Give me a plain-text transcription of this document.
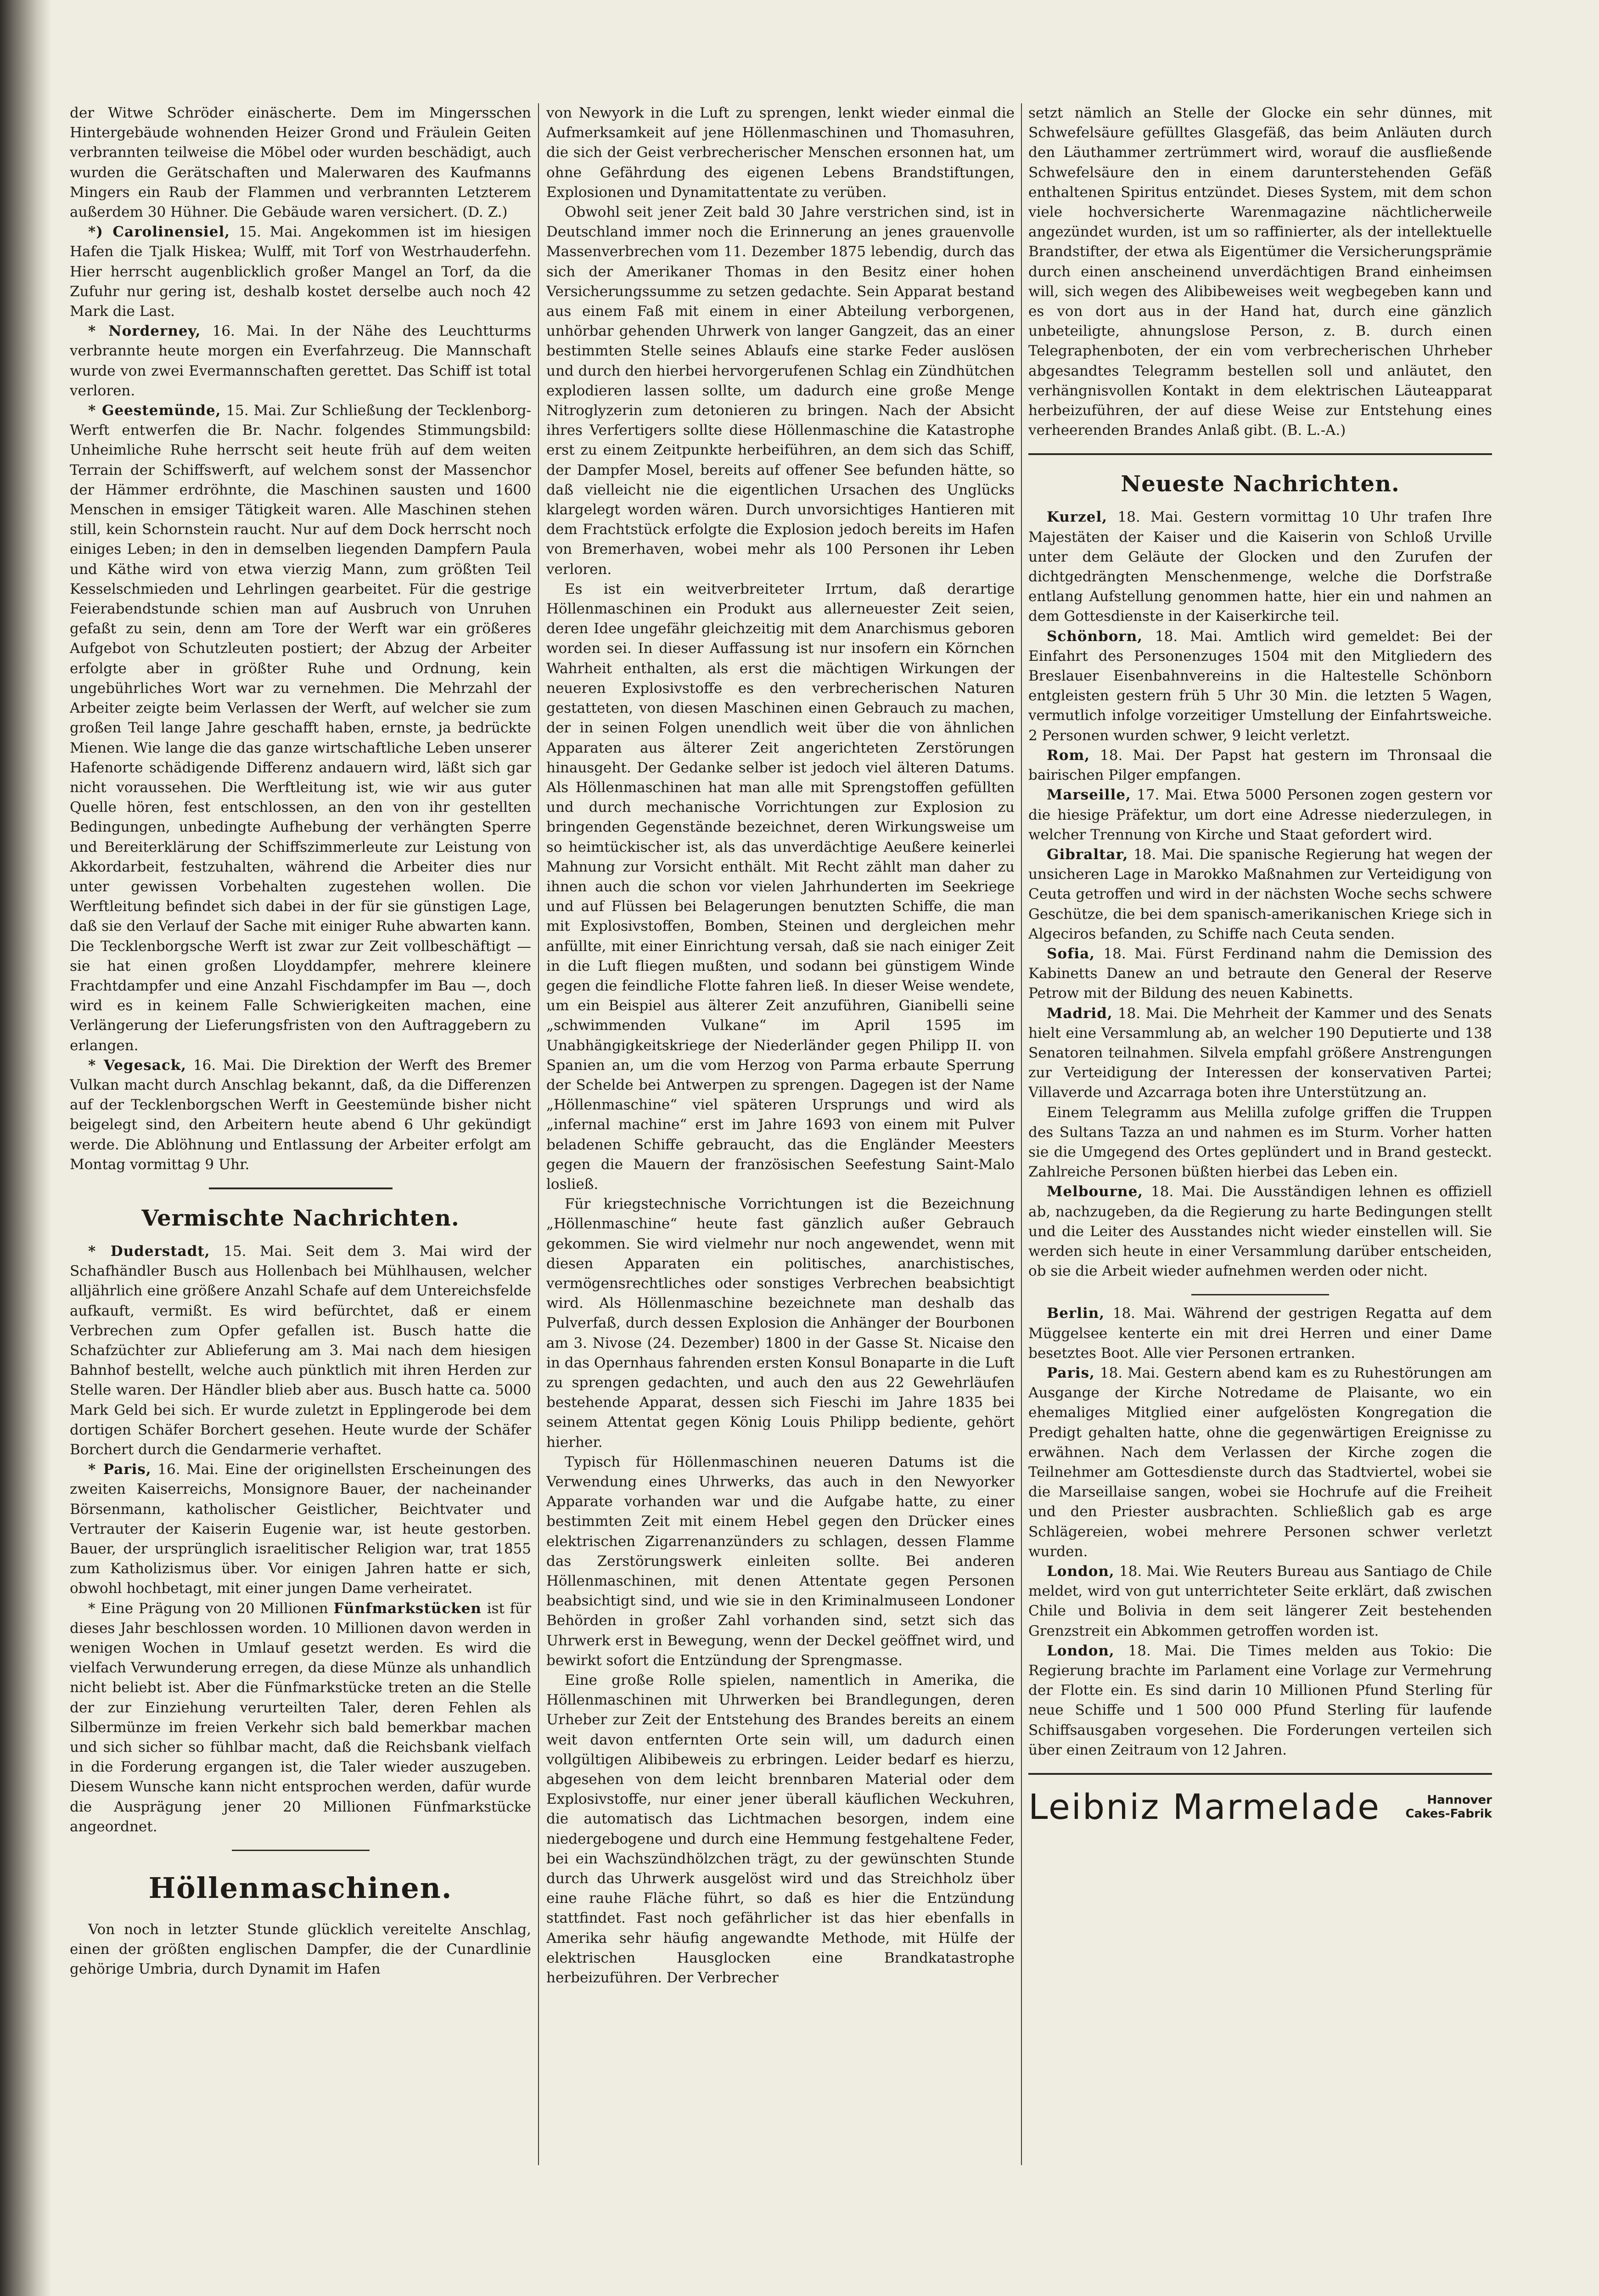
der Witwe Schröder einäscherte. Dem im Mingersschen Hintergebäude wohnenden Heizer Grond und Fräulein Geiten verbrannten teilweise die Möbel oder wurden beschädigt, auch wurden die Gerätschaften und Malerwaren des Kaufmanns Mingers ein Raub der Flammen und verbrannten Letzterem außerdem 30 Hühner. Die Gebäude waren versichert. (D. Z.)

*) Carolinensiel, 15. Mai. Angekommen ist im hiesigen Hafen die Tjalk Hiskea; Wulff, mit Torf von Westrhauderfehn. Hier herrscht augenblicklich großer Mangel an Torf, da die Zufuhr nur gering ist, deshalb kostet derselbe auch noch 42 Mark die Last.

* Norderney, 16. Mai. In der Nähe des Leuchtturms verbrannte heute morgen ein Everfahrzeug. Die Mannschaft wurde von zwei Evermannschaften gerettet. Das Schiff ist total verloren.

* Geestemünde, 15. Mai. Zur Schließung der Tecklenborg-Werft entwerfen die Br. Nachr. folgendes Stimmungsbild: Unheimliche Ruhe herrscht seit heute früh auf dem weiten Terrain der Schiffswerft, auf welchem sonst der Massenchor der Hämmer erdröhnte, die Maschinen sausten und 1600 Menschen in emsiger Tätigkeit waren. Alle Maschinen stehen still, kein Schornstein raucht. Nur auf dem Dock herrscht noch einiges Leben; in den in demselben liegenden Dampfern Paula und Käthe wird von etwa vierzig Mann, zum größten Teil Kesselschmieden und Lehrlingen gearbeitet. Für die gestrige Feierabendstunde schien man auf Ausbruch von Unruhen gefaßt zu sein, denn am Tore der Werft war ein größeres Aufgebot von Schutzleuten postiert; der Abzug der Arbeiter erfolgte aber in größter Ruhe und Ordnung, kein ungebührliches Wort war zu vernehmen. Die Mehrzahl der Arbeiter zeigte beim Verlassen der Werft, auf welcher sie zum großen Teil lange Jahre geschafft haben, ernste, ja bedrückte Mienen. Wie lange die das ganze wirtschaftliche Leben unserer Hafenorte schädigende Differenz andauern wird, läßt sich gar nicht voraussehen. Die Werftleitung ist, wie wir aus guter Quelle hören, fest entschlossen, an den von ihr gestellten Bedingungen, unbedingte Aufhebung der verhängten Sperre und Bereiterklärung der Schiffszimmerleute zur Leistung von Akkordarbeit, festzuhalten, während die Arbeiter dies nur unter gewissen Vorbehalten zugestehen wollen. Die Werftleitung befindet sich dabei in der für sie günstigen Lage, daß sie den Verlauf der Sache mit einiger Ruhe abwarten kann. Die Tecklenborgsche Werft ist zwar zur Zeit vollbeschäftigt — sie hat einen großen Lloyddampfer, mehrere kleinere Frachtdampfer und eine Anzahl Fischdampfer im Bau —, doch wird es in keinem Falle Schwierigkeiten machen, eine Verlängerung der Lieferungsfristen von den Auftraggebern zu erlangen.

* Vegesack, 16. Mai. Die Direktion der Werft des Bremer Vulkan macht durch Anschlag bekannt, daß, da die Differenzen auf der Tecklenborgschen Werft in Geestemünde bisher nicht beigelegt sind, den Arbeitern heute abend 6 Uhr gekündigt werde. Die Ablöhnung und Entlassung der Arbeiter erfolgt am Montag vormittag 9 Uhr.

Vermischte Nachrichten.

* Duderstadt, 15. Mai. Seit dem 3. Mai wird der Schafhändler Busch aus Hollenbach bei Mühlhausen, welcher alljährlich eine größere Anzahl Schafe auf dem Untereichsfelde aufkauft, vermißt. Es wird befürchtet, daß er einem Verbrechen zum Opfer gefallen ist. Busch hatte die Schafzüchter zur Ablieferung am 3. Mai nach dem hiesigen Bahnhof bestellt, welche auch pünktlich mit ihren Herden zur Stelle waren. Der Händler blieb aber aus. Busch hatte ca. 5000 Mark Geld bei sich. Er wurde zuletzt in Epplingerode bei dem dortigen Schäfer Borchert gesehen. Heute wurde der Schäfer Borchert durch die Gendarmerie verhaftet.

* Paris, 16. Mai. Eine der originellsten Erscheinungen des zweiten Kaiserreichs, Monsignore Bauer, der nacheinander Börsenmann, katholischer Geistlicher, Beichtvater und Vertrauter der Kaiserin Eugenie war, ist heute gestorben. Bauer, der ursprünglich israelitischer Religion war, trat 1855 zum Katholizismus über. Vor einigen Jahren hatte er sich, obwohl hochbetagt, mit einer jungen Dame verheiratet.

* Eine Prägung von 20 Millionen Fünfmarkstücken ist für dieses Jahr beschlossen worden. 10 Millionen davon werden in wenigen Wochen in Umlauf gesetzt werden. Es wird die vielfach Verwunderung erregen, da diese Münze als unhandlich nicht beliebt ist. Aber die Fünfmarkstücke treten an die Stelle der zur Einziehung verurteilten Taler, deren Fehlen als Silbermünze im freien Verkehr sich bald bemerkbar machen und sich sicher so fühlbar macht, daß die Reichsbank vielfach in die Forderung ergangen ist, die Taler wieder auszugeben. Diesem Wunsche kann nicht entsprochen werden, dafür wurde die Ausprägung jener 20 Millionen Fünfmarkstücke angeordnet.

Höllenmaschinen.

Von noch in letzter Stunde glücklich vereitelte Anschlag, einen der größten englischen Dampfer, die der Cunardlinie gehörige Umbria, durch Dynamit im Hafen

von Newyork in die Luft zu sprengen, lenkt wieder einmal die Aufmerksamkeit auf jene Höllenmaschinen und Thomasuhren, die sich der Geist verbrecherischer Menschen ersonnen hat, um ohne Gefährdung des eigenen Lebens Brandstiftungen, Explosionen und Dynamitattentate zu verüben.

Obwohl seit jener Zeit bald 30 Jahre verstrichen sind, ist in Deutschland immer noch die Erinnerung an jenes grauenvolle Massenverbrechen vom 11. Dezember 1875 lebendig, durch das sich der Amerikaner Thomas in den Besitz einer hohen Versicherungssumme zu setzen gedachte. Sein Apparat bestand aus einem Faß mit einem in einer Abteilung verborgenen, unhörbar gehenden Uhrwerk von langer Gangzeit, das an einer bestimmten Stelle seines Ablaufs eine starke Feder auslösen und durch den hierbei hervorgerufenen Schlag ein Zündhütchen explodieren lassen sollte, um dadurch eine große Menge Nitroglyzerin zum detonieren zu bringen. Nach der Absicht ihres Verfertigers sollte diese Höllenmaschine die Katastrophe erst zu einem Zeitpunkte herbeiführen, an dem sich das Schiff, der Dampfer Mosel, bereits auf offener See befunden hätte, so daß vielleicht nie die eigentlichen Ursachen des Unglücks klargelegt worden wären. Durch unvorsichtiges Hantieren mit dem Frachtstück erfolgte die Explosion jedoch bereits im Hafen von Bremerhaven, wobei mehr als 100 Personen ihr Leben verloren.

Es ist ein weitverbreiteter Irrtum, daß derartige Höllenmaschinen ein Produkt aus allerneuester Zeit seien, deren Idee ungefähr gleichzeitig mit dem Anarchismus geboren worden sei. In dieser Auffassung ist nur insofern ein Körnchen Wahrheit enthalten, als erst die mächtigen Wirkungen der neueren Explosivstoffe es den verbrecherischen Naturen gestatteten, von diesen Maschinen einen Gebrauch zu machen, der in seinen Folgen unendlich weit über die von ähnlichen Apparaten aus älterer Zeit angerichteten Zerstörungen hinausgeht. Der Gedanke selber ist jedoch viel älteren Datums. Als Höllenmaschinen hat man alle mit Sprengstoffen gefüllten und durch mechanische Vorrichtungen zur Explosion zu bringenden Gegenstände bezeichnet, deren Wirkungsweise um so heimtückischer ist, als das unverdächtige Aeußere keinerlei Mahnung zur Vorsicht enthält. Mit Recht zählt man daher zu ihnen auch die schon vor vielen Jahrhunderten im Seekriege und auf Flüssen bei Belagerungen benutzten Schiffe, die man mit Explosivstoffen, Bomben, Steinen und dergleichen mehr anfüllte, mit einer Einrichtung versah, daß sie nach einiger Zeit in die Luft fliegen mußten, und sodann bei günstigem Winde gegen die feindliche Flotte fahren ließ. In dieser Weise wendete, um ein Beispiel aus älterer Zeit anzuführen, Gianibelli seine „schwimmenden Vulkane“ im April 1595 im Unabhängigkeitskriege der Niederländer gegen Philipp II. von Spanien an, um die vom Herzog von Parma erbaute Sperrung der Schelde bei Antwerpen zu sprengen. Dagegen ist der Name „Höllenmaschine“ viel späteren Ursprungs und wird als „infernal machine“ erst im Jahre 1693 von einem mit Pulver beladenen Schiffe gebraucht, das die Engländer Meesters gegen die Mauern der französischen Seefestung Saint-Malo losließ.

Für kriegstechnische Vorrichtungen ist die Bezeichnung „Höllenmaschine“ heute fast gänzlich außer Gebrauch gekommen. Sie wird vielmehr nur noch angewendet, wenn mit diesen Apparaten ein politisches, anarchistisches, vermögensrechtliches oder sonstiges Verbrechen beabsichtigt wird. Als Höllenmaschine bezeichnete man deshalb das Pulverfaß, durch dessen Explosion die Anhänger der Bourbonen am 3. Nivose (24. Dezember) 1800 in der Gasse St. Nicaise den in das Opernhaus fahrenden ersten Konsul Bonaparte in die Luft zu sprengen gedachten, und auch den aus 22 Gewehrläufen bestehende Apparat, dessen sich Fieschi im Jahre 1835 bei seinem Attentat gegen König Louis Philipp bediente, gehört hierher.

Typisch für Höllenmaschinen neueren Datums ist die Verwendung eines Uhrwerks, das auch in den Newyorker Apparate vorhanden war und die Aufgabe hatte, zu einer bestimmten Zeit mit einem Hebel gegen den Drücker eines elektrischen Zigarrenanzünders zu schlagen, dessen Flamme das Zerstörungswerk einleiten sollte. Bei anderen Höllenmaschinen, mit denen Attentate gegen Personen beabsichtigt sind, und wie sie in den Kriminalmuseen Londoner Behörden in großer Zahl vorhanden sind, setzt sich das Uhrwerk erst in Bewegung, wenn der Deckel geöffnet wird, und bewirkt sofort die Entzündung der Sprengmasse.

Eine große Rolle spielen, namentlich in Amerika, die Höllenmaschinen mit Uhrwerken bei Brandlegungen, deren Urheber zur Zeit der Entstehung des Brandes bereits an einem weit davon entfernten Orte sein will, um dadurch einen vollgültigen Alibibeweis zu erbringen. Leider bedarf es hierzu, abgesehen von dem leicht brennbaren Material oder dem Explosivstoffe, nur einer jener überall käuflichen Weckuhren, die automatisch das Lichtmachen besorgen, indem eine niedergebogene und durch eine Hemmung festgehaltene Feder, bei ein Wachszündhölzchen trägt, zu der gewünschten Stunde durch das Uhrwerk ausgelöst wird und das Streichholz über eine rauhe Fläche führt, so daß es hier die Entzündung stattfindet. Fast noch gefährlicher ist das hier ebenfalls in Amerika sehr häufig angewandte Methode, mit Hülfe der elektrischen Hausglocken eine Brandkatastrophe herbeizuführen. Der Verbrecher

setzt nämlich an Stelle der Glocke ein sehr dünnes, mit Schwefelsäure gefülltes Glasgefäß, das beim Anläuten durch den Läuthammer zertrümmert wird, worauf die ausfließende Schwefelsäure den in einem darunterstehenden Gefäß enthaltenen Spiritus entzündet. Dieses System, mit dem schon viele hochversicherte Warenmagazine nächtlicherweile angezündet wurden, ist um so raffinierter, als der intellektuelle Brandstifter, der etwa als Eigentümer die Versicherungsprämie durch einen anscheinend unverdächtigen Brand einheimsen will, sich wegen des Alibibeweises weit wegbegeben kann und es von dort aus in der Hand hat, durch eine gänzlich unbeteiligte, ahnungslose Person, z. B. durch einen Telegraphenboten, der ein vom verbrecherischen Uhrheber abgesandtes Telegramm bestellen soll und anläutet, den verhängnisvollen Kontakt in dem elektrischen Läuteapparat herbeizuführen, der auf diese Weise zur Entstehung eines verheerenden Brandes Anlaß gibt. (B. L.-A.)

Neueste Nachrichten.

Kurzel, 18. Mai. Gestern vormittag 10 Uhr trafen Ihre Majestäten der Kaiser und die Kaiserin von Schloß Urville unter dem Geläute der Glocken und den Zurufen der dichtgedrängten Menschenmenge, welche die Dorfstraße entlang Aufstellung genommen hatte, hier ein und nahmen an dem Gottesdienste in der Kaiserkirche teil.

Schönborn, 18. Mai. Amtlich wird gemeldet: Bei der Einfahrt des Personenzuges 1504 mit den Mitgliedern des Breslauer Eisenbahnvereins in die Haltestelle Schönborn entgleisten gestern früh 5 Uhr 30 Min. die letzten 5 Wagen, vermutlich infolge vorzeitiger Umstellung der Einfahrtsweiche. 2 Personen wurden schwer, 9 leicht verletzt.

Rom, 18. Mai. Der Papst hat gestern im Thronsaal die bairischen Pilger empfangen.

Marseille, 17. Mai. Etwa 5000 Personen zogen gestern vor die hiesige Präfektur, um dort eine Adresse niederzulegen, in welcher Trennung von Kirche und Staat gefordert wird.

Gibraltar, 18. Mai. Die spanische Regierung hat wegen der unsicheren Lage in Marokko Maßnahmen zur Verteidigung von Ceuta getroffen und wird in der nächsten Woche sechs schwere Geschütze, die bei dem spanisch-amerikanischen Kriege sich in Algeciros befanden, zu Schiffe nach Ceuta senden.

Sofia, 18. Mai. Fürst Ferdinand nahm die Demission des Kabinetts Danew an und betraute den General der Reserve Petrow mit der Bildung des neuen Kabinetts.

Madrid, 18. Mai. Die Mehrheit der Kammer und des Senats hielt eine Versammlung ab, an welcher 190 Deputierte und 138 Senatoren teilnahmen. Silvela empfahl größere Anstrengungen zur Verteidigung der Interessen der konservativen Partei; Villaverde und Azcarraga boten ihre Unterstützung an.

Einem Telegramm aus Melilla zufolge griffen die Truppen des Sultans Tazza an und nahmen es im Sturm. Vorher hatten sie die Umgegend des Ortes geplündert und in Brand gesteckt. Zahlreiche Personen büßten hierbei das Leben ein.

Melbourne, 18. Mai. Die Ausständigen lehnen es offiziell ab, nachzugeben, da die Regierung zu harte Bedingungen stellt und die Leiter des Ausstandes nicht wieder einstellen will. Sie werden sich heute in einer Versammlung darüber entscheiden, ob sie die Arbeit wieder aufnehmen werden oder nicht.

Berlin, 18. Mai. Während der gestrigen Regatta auf dem Müggelsee kenterte ein mit drei Herren und einer Dame besetztes Boot. Alle vier Personen ertranken.

Paris, 18. Mai. Gestern abend kam es zu Ruhestörungen am Ausgange der Kirche Notredame de Plaisante, wo ein ehemaliges Mitglied einer aufgelösten Kongregation die Predigt gehalten hatte, ohne die gegenwärtigen Ereignisse zu erwähnen. Nach dem Verlassen der Kirche zogen die Teilnehmer am Gottesdienste durch das Stadtviertel, wobei sie die Marseillaise sangen, wobei sie Hochrufe auf die Freiheit und den Priester ausbrachten. Schließlich gab es arge Schlägereien, wobei mehrere Personen schwer verletzt wurden.

London, 18. Mai. Wie Reuters Bureau aus Santiago de Chile meldet, wird von gut unterrichteter Seite erklärt, daß zwischen Chile und Bolivia in dem seit längerer Zeit bestehenden Grenzstreit ein Abkommen getroffen worden ist.

London, 18. Mai. Die Times melden aus Tokio: Die Regierung brachte im Parlament eine Vorlage zur Vermehrung der Flotte ein. Es sind darin 10 Millionen Pfund Sterling für neue Schiffe und 1 500 000 Pfund Sterling für laufende Schiffsausgaben vorgesehen. Die Forderungen verteilen sich über einen Zeitraum von 12 Jahren.

Leibniz Marmelade	Hannover
Cakes-Fabrik
